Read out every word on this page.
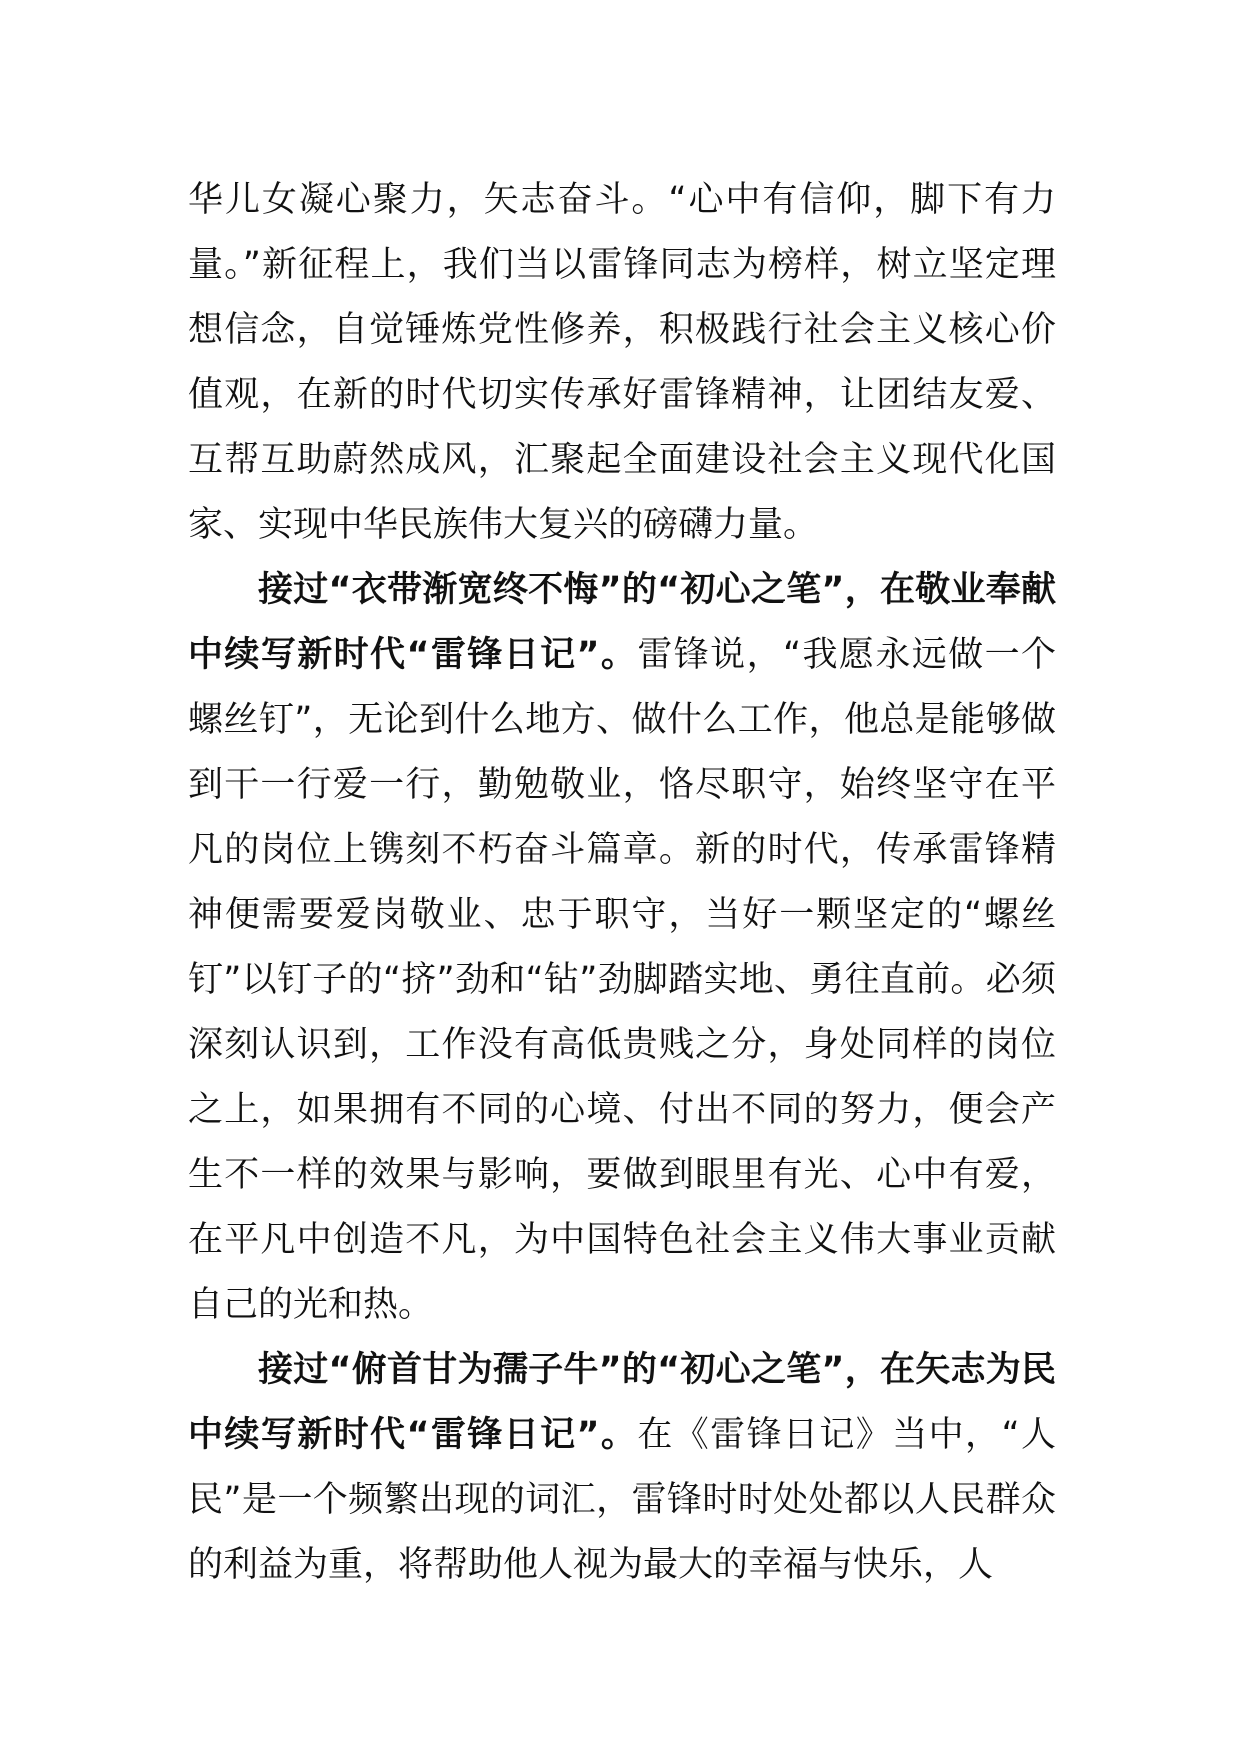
华儿女凝心聚力，矢志奋斗。“心中有信仰，脚下有力量。”新征程上，我们当以雷锋同志为榜样，树立坚定理想信念，自觉锤炼党性修养，积极践行社会主义核心价值观，在新的时代切实传承好雷锋精神，让团结友爱、互帮互助蔚然成风，汇聚起全面建设社会主义现代化国家、实现中华民族伟大复兴的磅礴力量。

接过“衣带渐宽终不悔”的“初心之笔”，在敬业奉献中续写新时代“雷锋日记”。雷锋说，“我愿永远做一个螺丝钉”，无论到什么地方、做什么工作，他总是能够做到干一行爱一行，勤勉敬业，恪尽职守，始终坚守在平凡的岗位上镌刻不朽奋斗篇章。新的时代，传承雷锋精神便需要爱岗敬业、忠于职守，当好一颗坚定的“螺丝钉”以钉子的“挤”劲和“钻”劲脚踏实地、勇往直前。必须深刻认识到，工作没有高低贵贱之分，身处同样的岗位之上，如果拥有不同的心境、付出不同的努力，便会产生不一样的效果与影响，要做到眼里有光、心中有爱，在平凡中创造不凡，为中国特色社会主义伟大事业贡献自己的光和热。

接过“俯首甘为孺子牛”的“初心之笔”，在矢志为民中续写新时代“雷锋日记”。在《雷锋日记》当中，“人民”是一个频繁出现的词汇，雷锋时时处处都以人民群众的利益为重，将帮助他人视为最大的幸福与快乐，人
